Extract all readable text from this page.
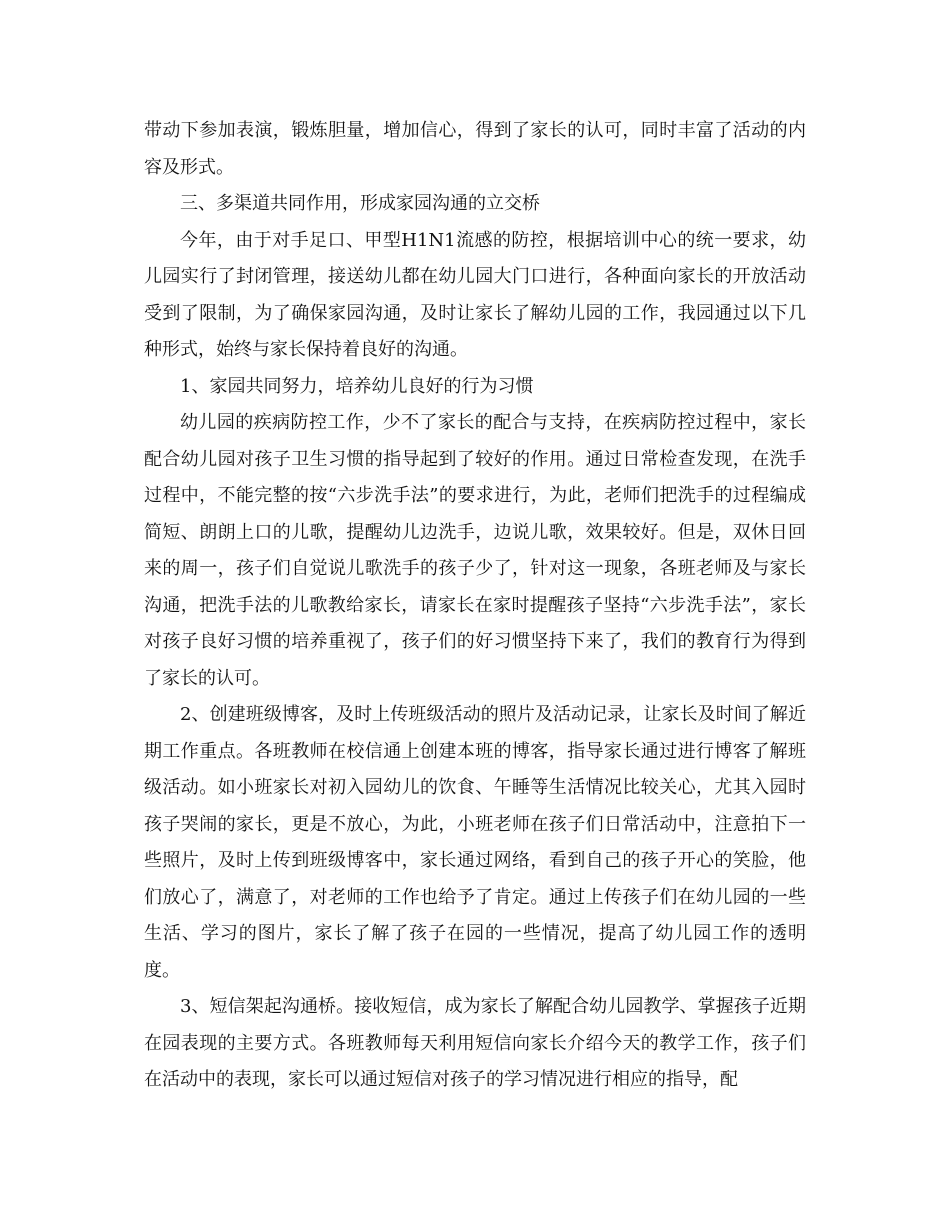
带动下参加表演，锻炼胆量，增加信心，得到了家长的认可，同时丰富了活动的内容及形式。

三、多渠道共同作用，形成家园沟通的立交桥

今年，由于对手足口、甲型H1N1流感的防控，根据培训中心的统一要求，幼儿园实行了封闭管理，接送幼儿都在幼儿园大门口进行，各种面向家长的开放活动受到了限制，为了确保家园沟通，及时让家长了解幼儿园的工作，我园通过以下几种形式，始终与家长保持着良好的沟通。

1、家园共同努力，培养幼儿良好的行为习惯

幼儿园的疾病防控工作，少不了家长的配合与支持，在疾病防控过程中，家长配合幼儿园对孩子卫生习惯的指导起到了较好的作用。通过日常检查发现，在洗手过程中，不能完整的按“六步洗手法”的要求进行，为此，老师们把洗手的过程编成简短、朗朗上口的儿歌，提醒幼儿边洗手，边说儿歌，效果较好。但是，双休日回来的周一，孩子们自觉说儿歌洗手的孩子少了，针对这一现象，各班老师及与家长沟通，把洗手法的儿歌教给家长，请家长在家时提醒孩子坚持“六步洗手法”，家长对孩子良好习惯的培养重视了，孩子们的好习惯坚持下来了，我们的教育行为得到了家长的认可。

2、创建班级博客，及时上传班级活动的照片及活动记录，让家长及时间了解近期工作重点。各班教师在校信通上创建本班的博客，指导家长通过进行博客了解班级活动。如小班家长对初入园幼儿的饮食、午睡等生活情况比较关心，尤其入园时孩子哭闹的家长，更是不放心，为此，小班老师在孩子们日常活动中，注意拍下一些照片，及时上传到班级博客中，家长通过网络，看到自己的孩子开心的笑脸，他们放心了，满意了，对老师的工作也给予了肯定。通过上传孩子们在幼儿园的一些生活、学习的图片，家长了解了孩子在园的一些情况，提高了幼儿园工作的透明度。

3、短信架起沟通桥。接收短信，成为家长了解配合幼儿园教学、掌握孩子近期在园表现的主要方式。各班教师每天利用短信向家长介绍今天的教学工作，孩子们在活动中的表现，家长可以通过短信对孩子的学习情况进行相应的指导，配
